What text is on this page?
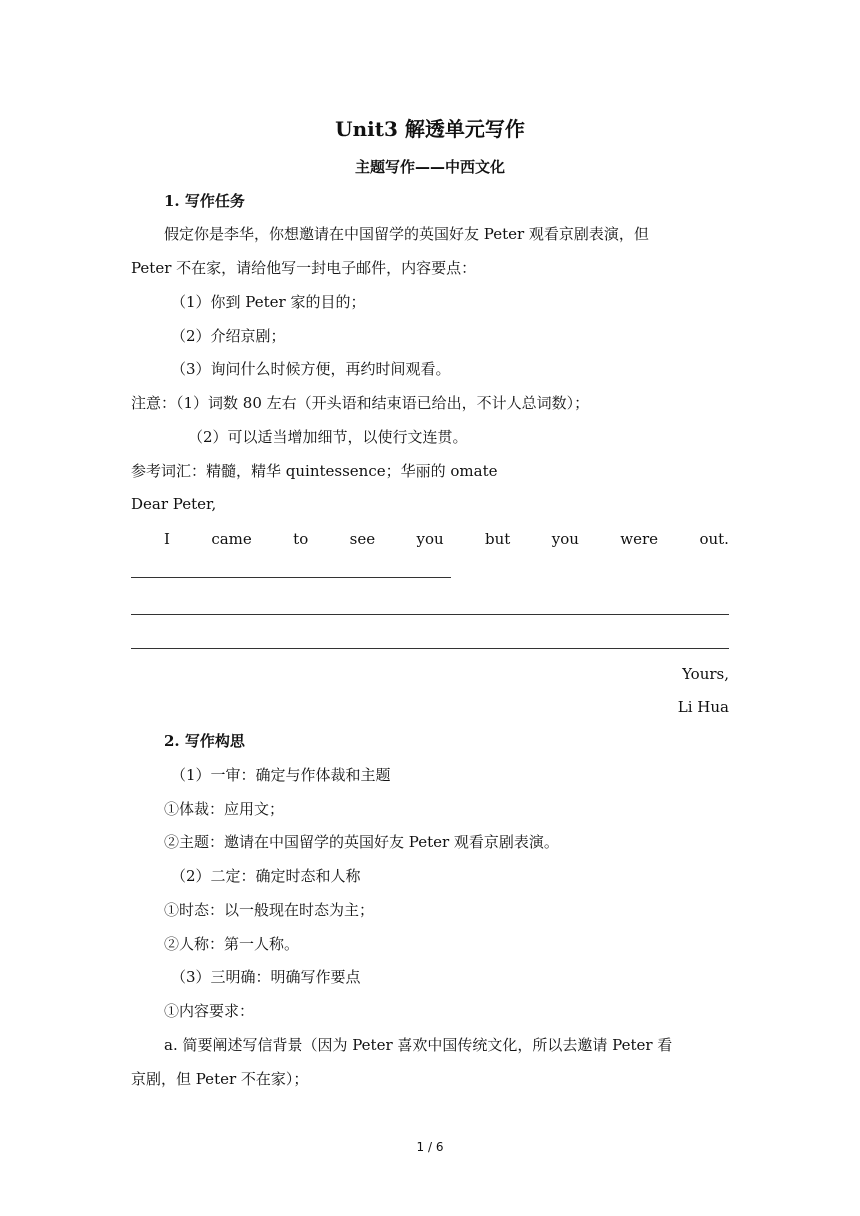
Unit3 解透单元写作
主题写作——中西文化
1. 写作任务
假定你是李华，你想邀请在中国留学的英国好友 Peter 观看京剧表演，但
Peter 不在家，请给他写一封电子邮件，内容要点：
（1）你到 Peter 家的目的；
（2）介绍京剧；
（3）询问什么时候方便，再约时间观看。
注意：（1）词数 80 左右（开头语和结束语已给出，不计人总词数）；
（2）可以适当增加细节，以使行文连贯。
参考词汇：精髓，精华 quintessence；华丽的 omate
Dear Peter,
I	came	to	see	you	but	you	were	out.
Yours,
Li Hua
2. 写作构思
（1）一审：确定与作体裁和主题
①体裁：应用文；
②主题：邀请在中国留学的英国好友 Peter 观看京剧表演。
（2）二定：确定时态和人称
①时态：以一般现在时态为主；
②人称：第一人称。
（3）三明确：明确写作要点
①内容要求：
a. 简要阐述写信背景（因为 Peter 喜欢中国传统文化，所以去邀请 Peter 看
京剧，但 Peter 不在家）；
1 / 6
